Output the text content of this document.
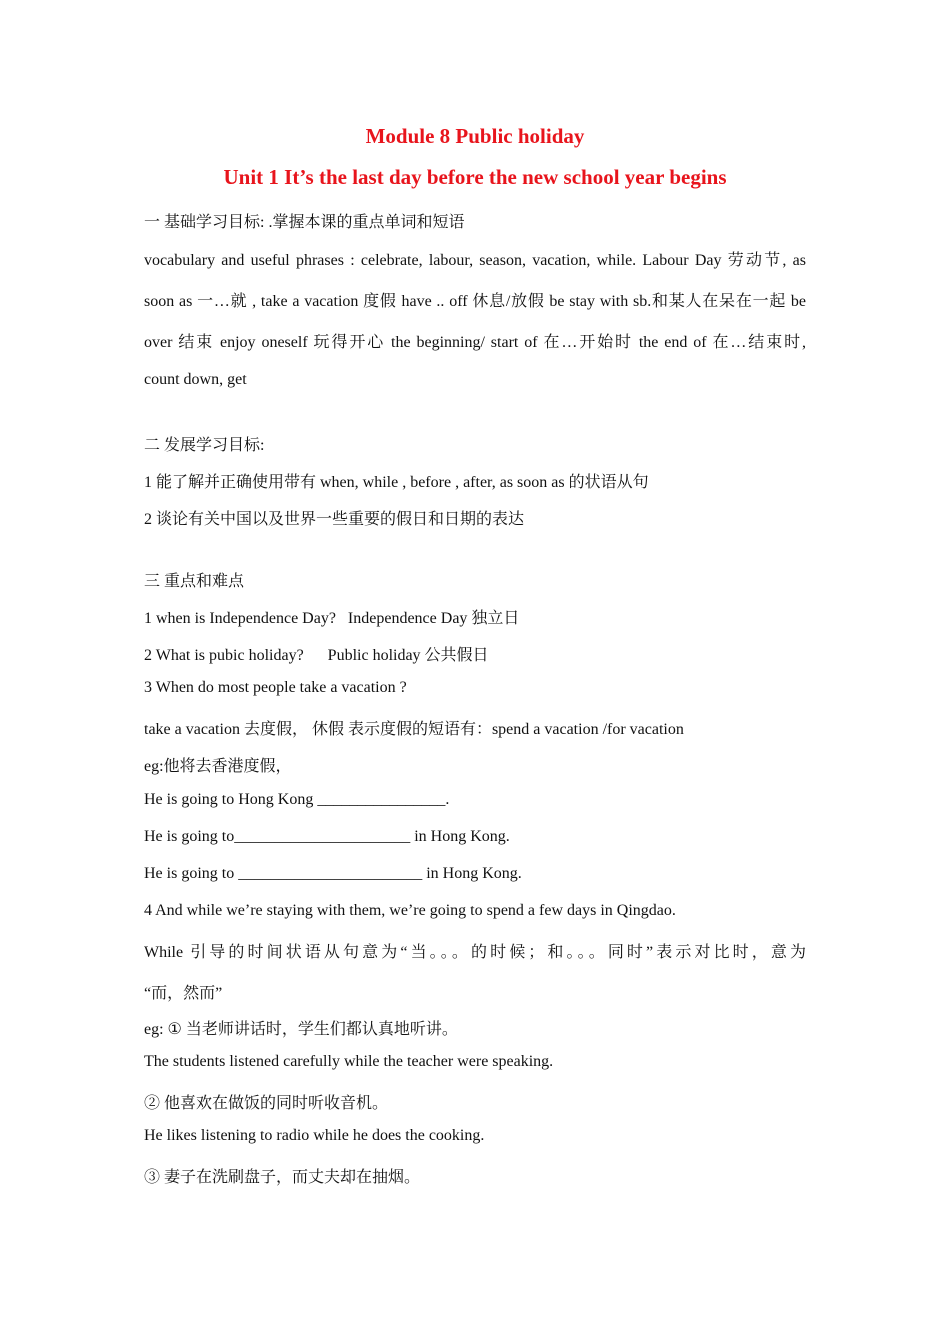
Module 8 Public holiday
Unit 1 It’s the last day before the new school year begins
一 基础学习目标: .掌握本课的重点单词和短语
vocabulary and useful phrases : celebrate, labour, season, vacation, while. Labour Day 劳动节, as
soon as 一…就 , take a vacation 度假 have .. off 休息/放假 be stay with sb.和某人在呆在一起 be
over 结束 enjoy oneself 玩得开心 the beginning/ start of 在…开始时 the end of 在…结束时,
count down, get
二 发展学习目标:
1 能了解并正确使用带有 when, while , before , after, as soon as 的状语从句
2 谈论有关中国以及世界一些重要的假日和日期的表达
三 重点和难点
1 when is Independence Day?   Independence Day 独立日
2 What is pubic holiday?      Public holiday 公共假日
3 When do most people take a vacation ?
take a vacation 去度假， 休假 表示度假的短语有：spend a vacation /for vacation
eg:他将去香港度假，
He is going to Hong Kong ________________.
He is going to______________________ in Hong Kong.
He is going to _______________________ in Hong Kong.
4 And while we’re staying with them, we’re going to spend a few days in Qingdao.
While 引导的时间状语从句意为“当。。。的时候；和。。。同时”表示对比时，意为
“而，然而”
eg: ① 当老师讲话时，学生们都认真地听讲。
The students listened carefully while the teacher were speaking.
② 他喜欢在做饭的同时听收音机。
He likes listening to radio while he does the cooking.
③ 妻子在洗刷盘子，而丈夫却在抽烟。
